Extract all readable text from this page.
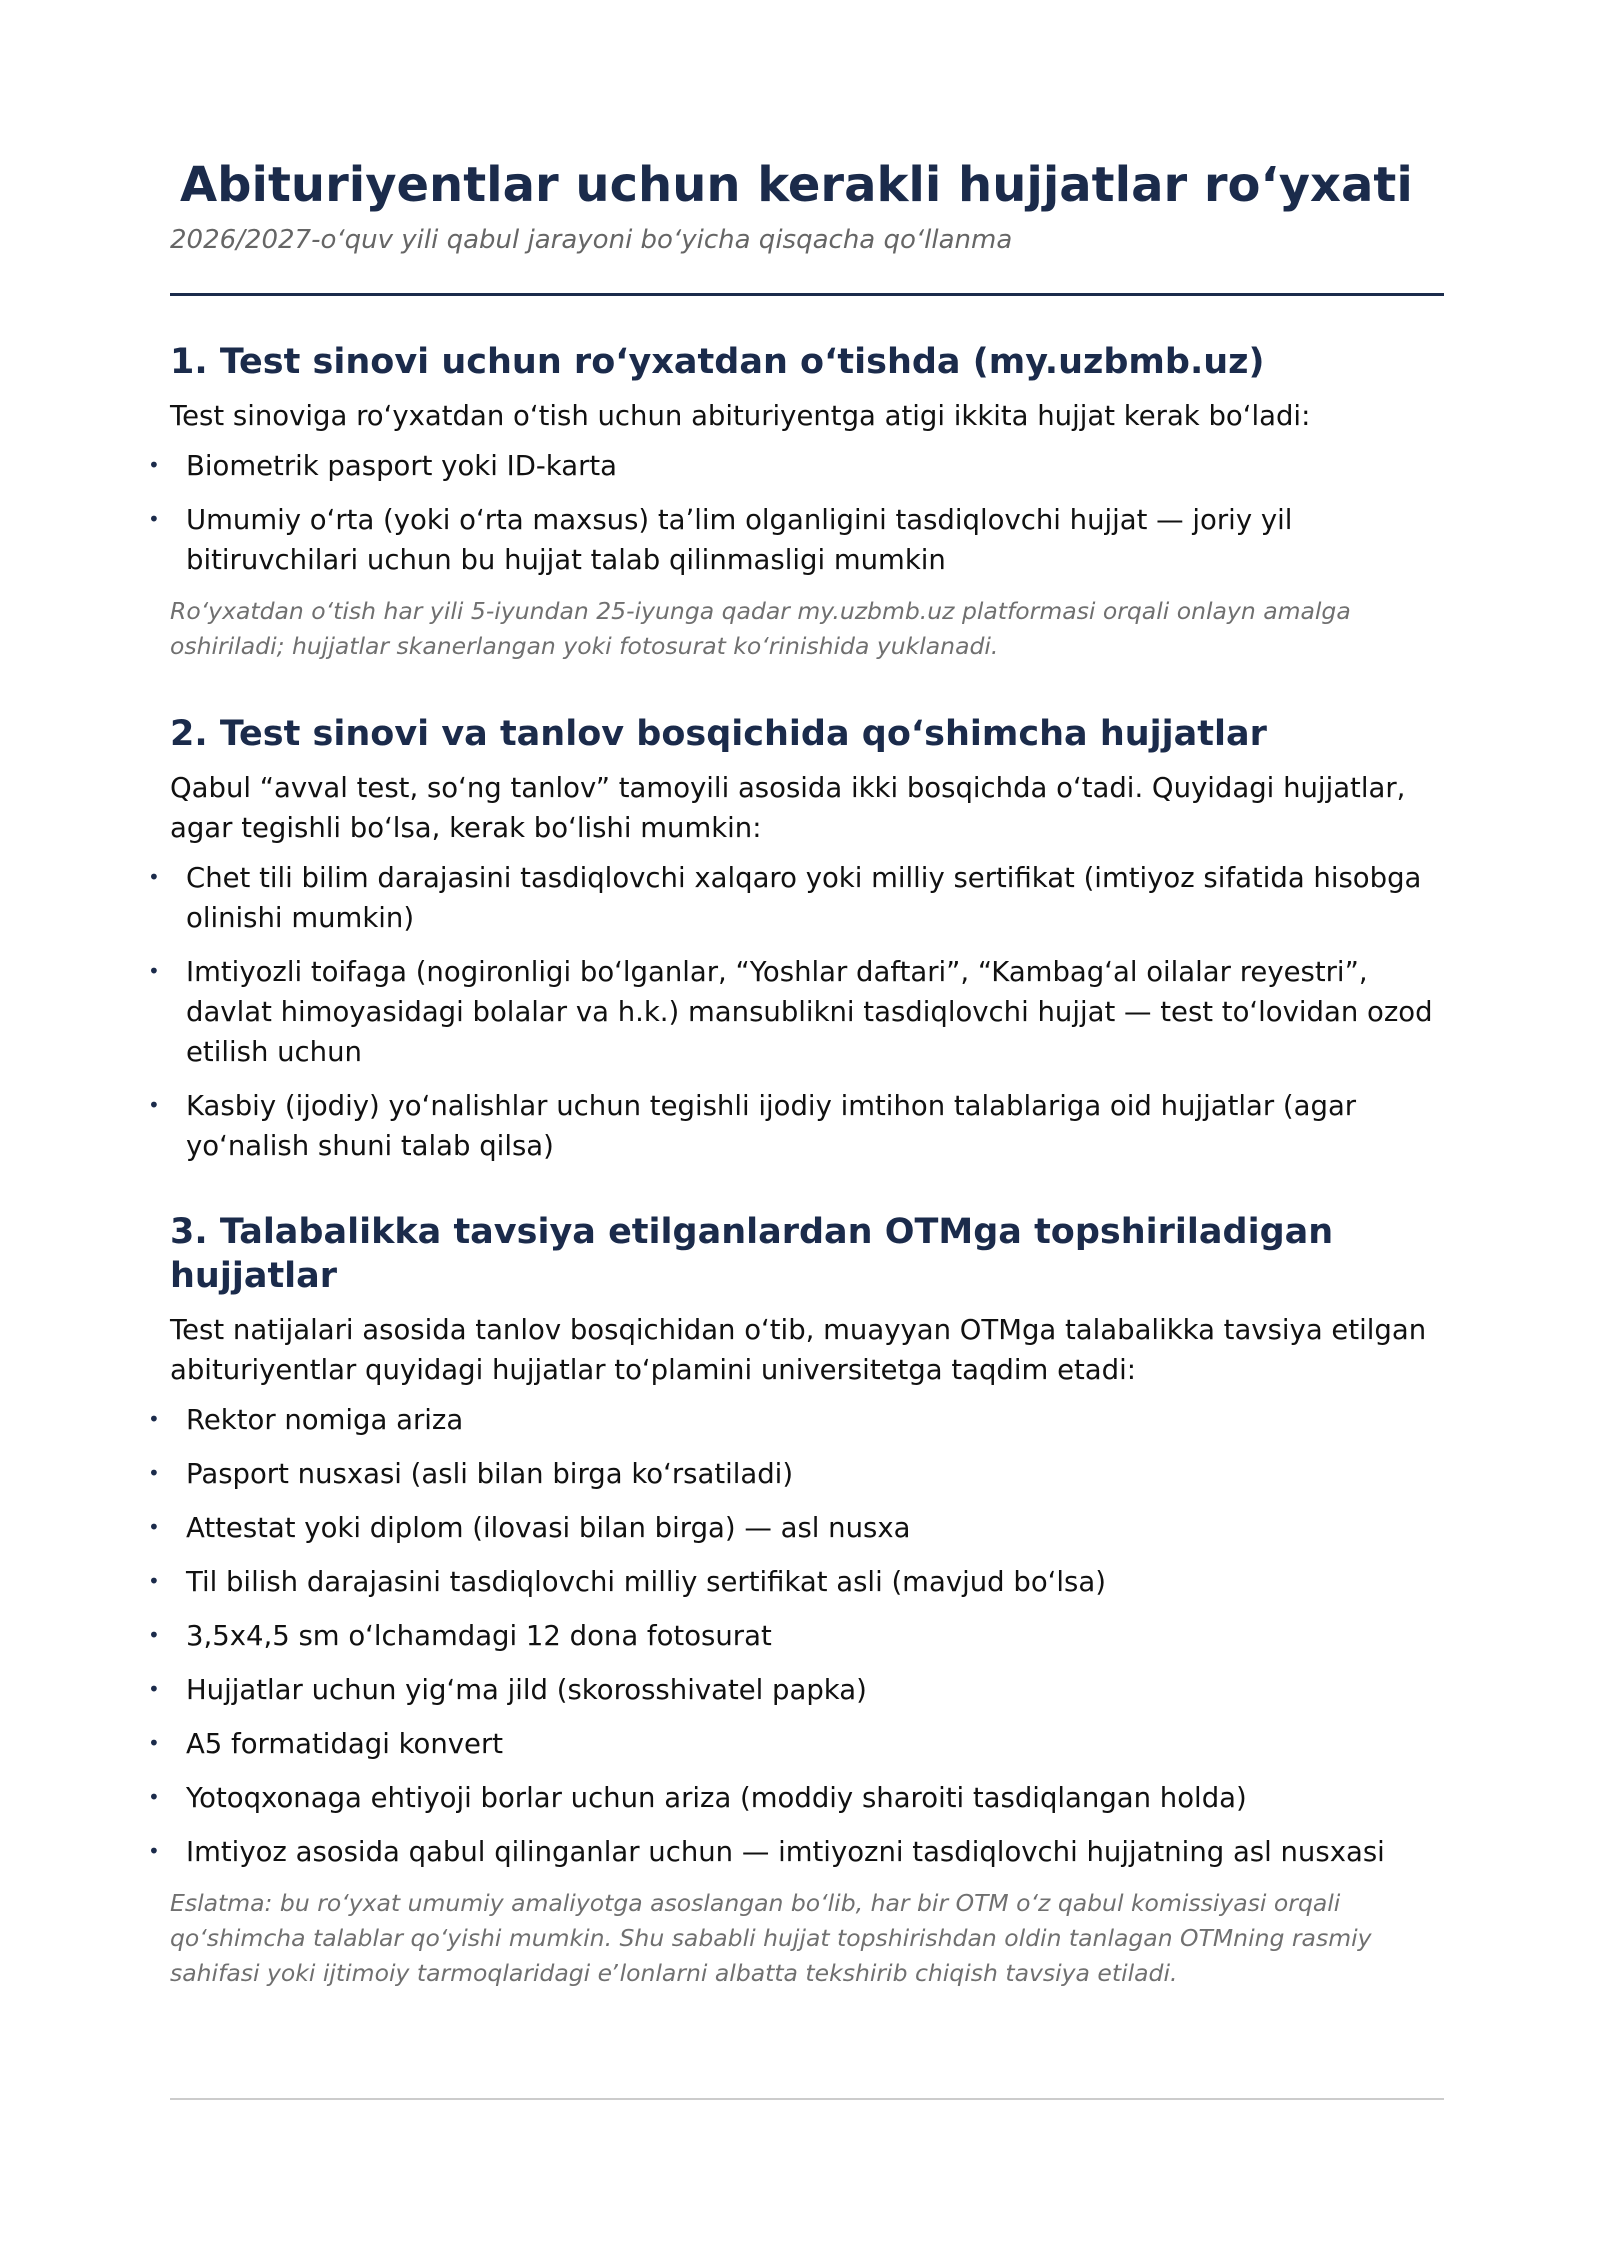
Abituriyentlar uchun kerakli hujjatlar roʻyxati
2026/2027-oʻquv yili qabul jarayoni boʻyicha qisqacha qoʻllanma
1. Test sinovi uchun roʻyxatdan oʻtishda (my.uzbmb.uz)

Test sinoviga roʻyxatdan oʻtish uchun abituriyentga atigi ikkita hujjat kerak boʻladi:

• Biometrik pasport yoki ID-karta
• Umumiy oʻrta (yoki oʻrta maxsus) taʼlim olganligini tasdiqlovchi hujjat — joriy yil bitiruvchilari uchun bu hujjat talab qilinmasligi mumkin

Roʻyxatdan oʻtish har yili 5-iyundan 25-iyunga qadar my.uzbmb.uz platformasi orqali onlayn amalga oshiriladi; hujjatlar skanerlangan yoki fotosurat koʻrinishida yuklanadi.

2. Test sinovi va tanlov bosqichida qoʻshimcha hujjatlar

Qabul “avval test, soʻng tanlov” tamoyili asosida ikki bosqichda oʻtadi. Quyidagi hujjatlar, agar tegishli boʻlsa, kerak boʻlishi mumkin:

• Chet tili bilim darajasini tasdiqlovchi xalqaro yoki milliy sertifikat (imtiyoz sifatida hisobga olinishi mumkin)
• Imtiyozli toifaga (nogironligi boʻlganlar, “Yoshlar daftari”, “Kambagʻal oilalar reyestri”, davlat himoyasidagi bolalar va h.k.) mansublikni tasdiqlovchi hujjat — test toʻlovidan ozod etilish uchun
• Kasbiy (ijodiy) yoʻnalishlar uchun tegishli ijodiy imtihon talablariga oid hujjatlar (agar yoʻnalish shuni talab qilsa)
3. Talabalikka tavsiya etilganlardan OTMga topshiriladigan hujjatlar

Test natijalari asosida tanlov bosqichidan oʻtib, muayyan OTMga talabalikka tavsiya etilgan abituriyentlar quyidagi hujjatlar toʻplamini universitetga taqdim etadi:

• Rektor nomiga ariza
• Pasport nusxasi (asli bilan birga koʻrsatiladi)
• Attestat yoki diplom (ilovasi bilan birga) — asl nusxa
• Til bilish darajasini tasdiqlovchi milliy sertifikat asli (mavjud boʻlsa)
• 3,5x4,5 sm oʻlchamdagi 12 dona fotosurat
• Hujjatlar uchun yigʻma jild (skorosshivatel papka)
• A5 formatidagi konvert
• Yotoqxonaga ehtiyoji borlar uchun ariza (moddiy sharoiti tasdiqlangan holda)
• Imtiyoz asosida qabul qilinganlar uchun — imtiyozni tasdiqlovchi hujjatning asl nusxasi

Eslatma: bu roʻyxat umumiy amaliyotga asoslangan boʻlib, har bir OTM oʻz qabul komissiyasi orqali qoʻshimcha talablar qoʻyishi mumkin. Shu sababli hujjat topshirishdan oldin tanlagan OTMning rasmiy sahifasi yoki ijtimoiy tarmoqlaridagi eʼlonlarni albatta tekshirib chiqish tavsiya etiladi.
